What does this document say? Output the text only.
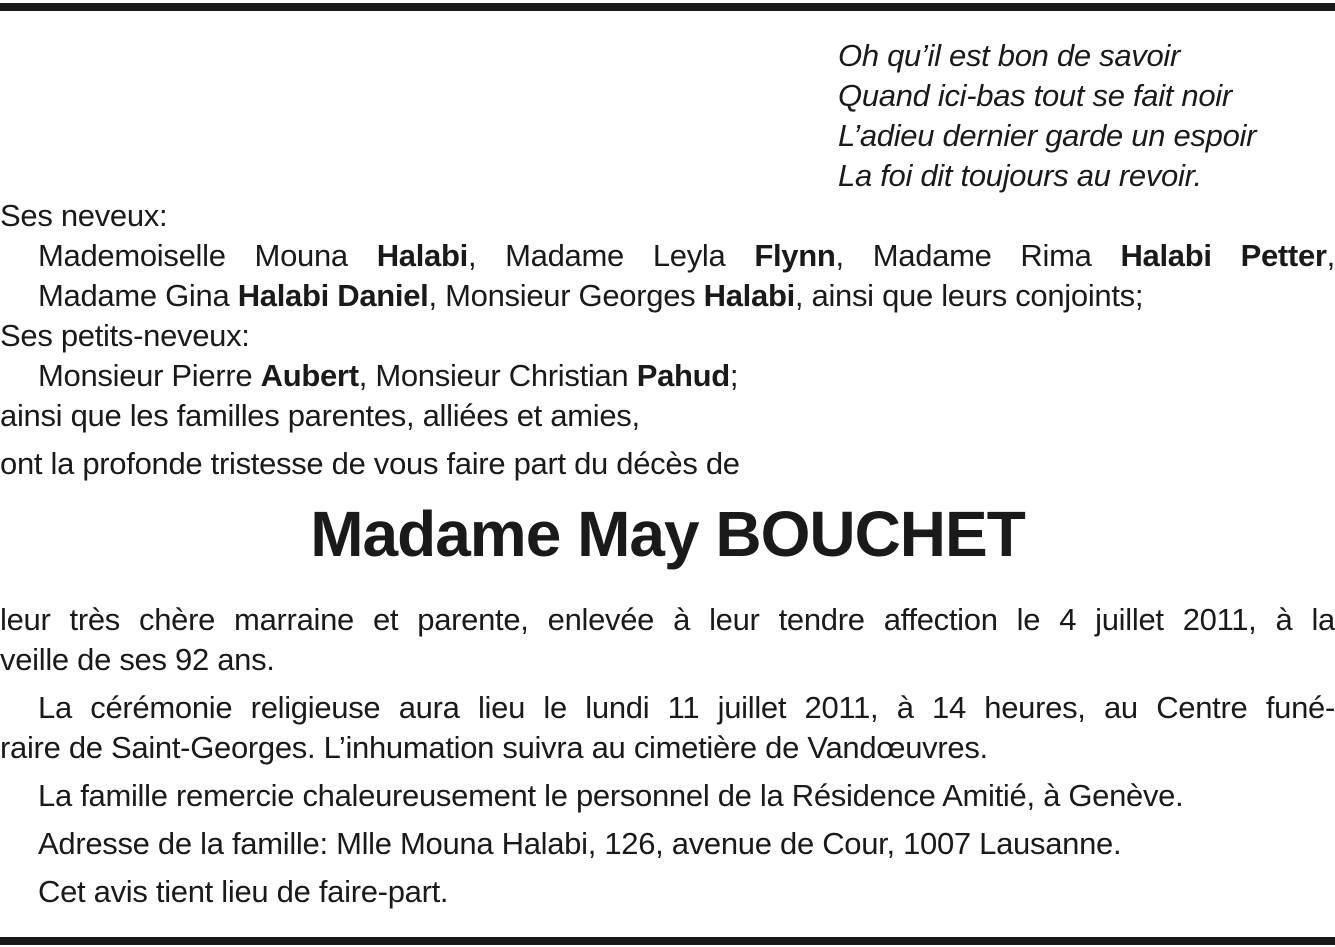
Oh qu’il est bon de savoir
Quand ici-bas tout se fait noir
L’adieu dernier garde un espoir
La foi dit toujours au revoir.
Ses neveux:
Mademoiselle Mouna Halabi, Madame Leyla Flynn, Madame Rima Halabi Petter,
Madame Gina Halabi Daniel, Monsieur Georges Halabi, ainsi que leurs conjoints;
Ses petits-neveux:
Monsieur Pierre Aubert, Monsieur Christian Pahud;
ainsi que les familles parentes, alliées et amies,
ont la profonde tristesse de vous faire part du décès de
Madame May BOUCHET
leur très chère marraine et parente, enlevée à leur tendre affection le 4 juillet 2011, à la
veille de ses 92 ans.
La cérémonie religieuse aura lieu le lundi 11 juillet 2011, à 14 heures, au Centre funé-
raire de Saint-Georges. L’inhumation suivra au cimetière de Vandœuvres.
La famille remercie chaleureusement le personnel de la Résidence Amitié, à Genève.
Adresse de la famille: Mlle Mouna Halabi, 126, avenue de Cour, 1007 Lausanne.
Cet avis tient lieu de faire-part.
